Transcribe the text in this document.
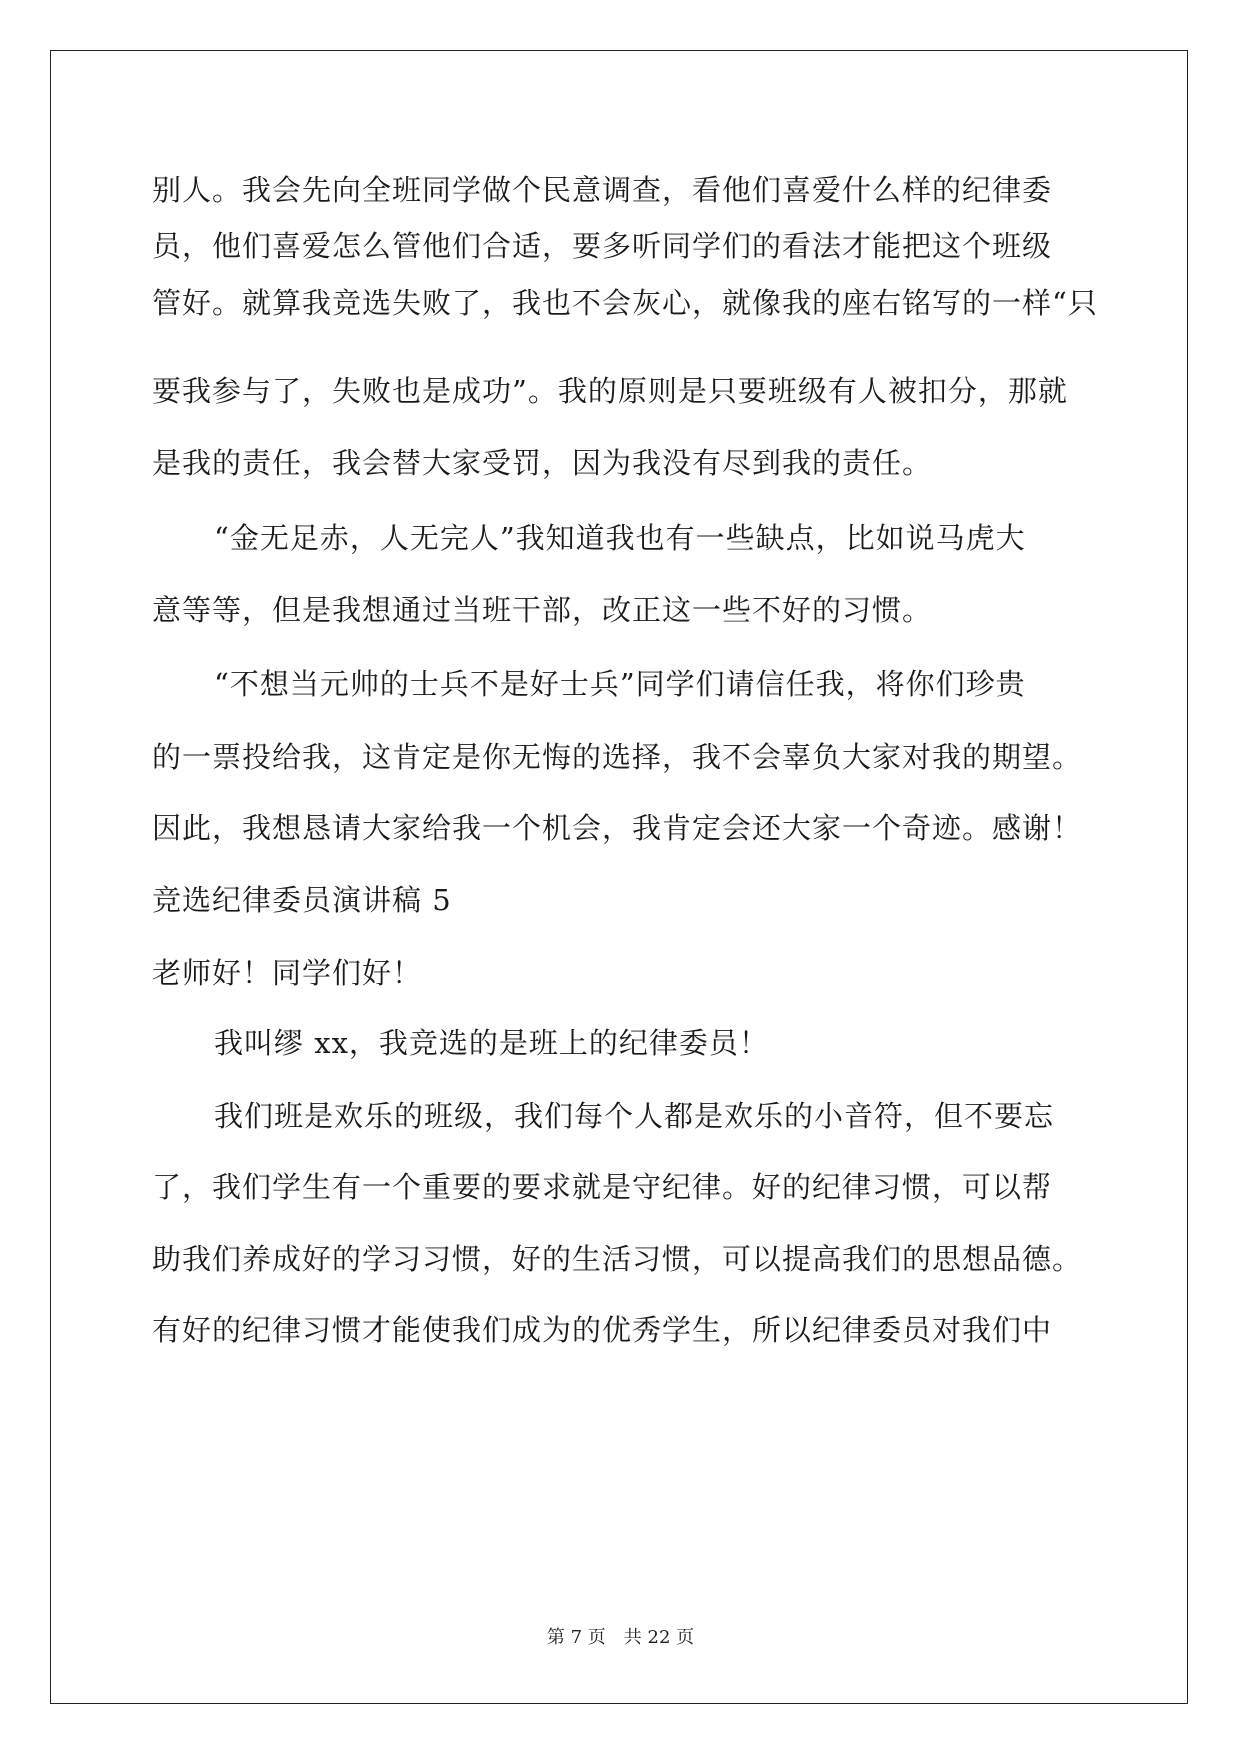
别人。我会先向全班同学做个民意调查，看他们喜爱什么样的纪律委
员，他们喜爱怎么管他们合适，要多听同学们的看法才能把这个班级
管好。就算我竞选失败了，我也不会灰心，就像我的座右铭写的一样“只
要我参与了，失败也是成功”。我的原则是只要班级有人被扣分，那就
是我的责任，我会替大家受罚，因为我没有尽到我的责任。
“金无足赤，人无完人”我知道我也有一些缺点，比如说马虎大
意等等，但是我想通过当班干部，改正这一些不好的习惯。
“不想当元帅的士兵不是好士兵”同学们请信任我，将你们珍贵
的一票投给我，这肯定是你无悔的选择，我不会辜负大家对我的期望。
因此，我想恳请大家给我一个机会，我肯定会还大家一个奇迹。感谢！
竞选纪律委员演讲稿 5
老师好！同学们好！
我叫缪 xx，我竞选的是班上的纪律委员！
我们班是欢乐的班级，我们每个人都是欢乐的小音符，但不要忘
了，我们学生有一个重要的要求就是守纪律。好的纪律习惯，可以帮
助我们养成好的学习习惯，好的生活习惯，可以提高我们的思想品德。
有好的纪律习惯才能使我们成为的优秀学生，所以纪律委员对我们中
第 7 页　共 22 页
